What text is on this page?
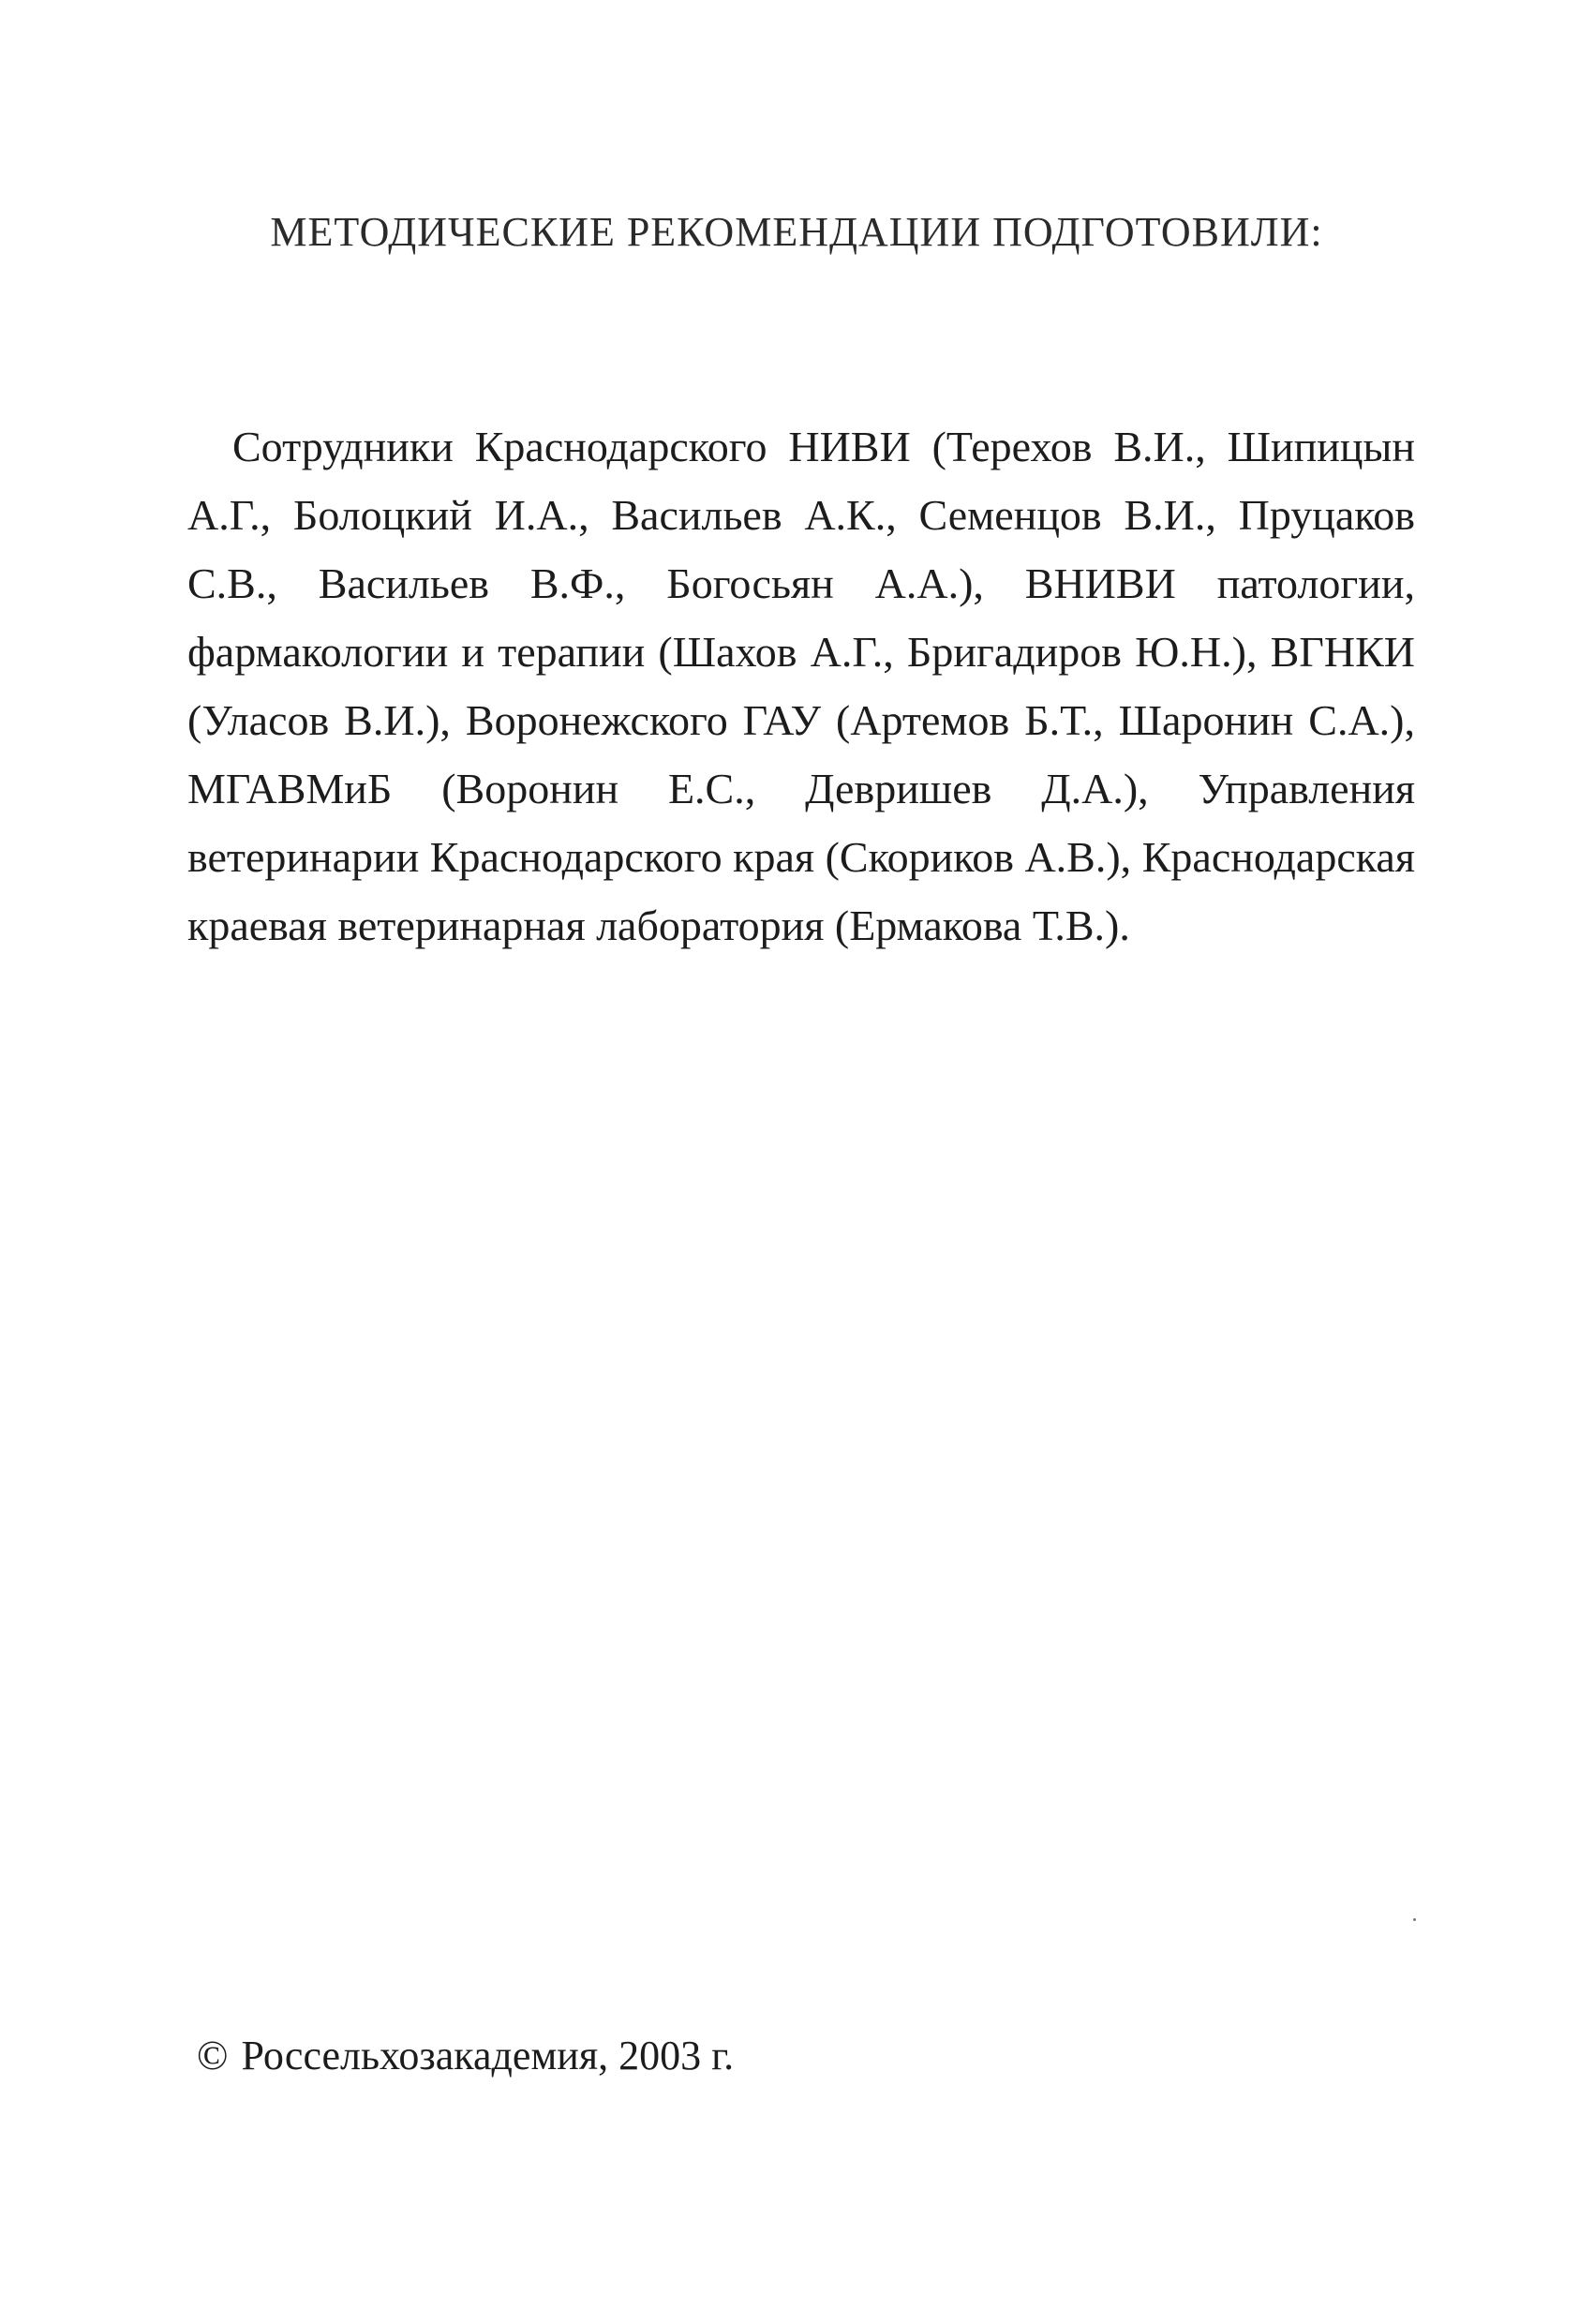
МЕТОДИЧЕСКИЕ РЕКОМЕНДАЦИИ ПОДГОТОВИЛИ:

Сотрудники Краснодарского НИВИ (Терехов В.И., Шипицын А.Г., Болоцкий И.А., Васильев А.К., Семенцов В.И., Пруцаков С.В., Васильев В.Ф., Богосьян А.А.), ВНИВИ патологии, фармакологии и терапии (Шахов А.Г., Бригадиров Ю.Н.), ВГНКИ (Уласов В.И.), Воронежского ГАУ (Артемов Б.Т., Шаронин С.А.), МГАВМиБ (Воронин Е.С., Девришев Д.А.), Управления ветеринарии Краснодарского края (Скориков А.В.), Краснодарская краевая ветеринарная лаборатория (Ермакова Т.В.).

© Россельхозакадемия, 2003 г.
